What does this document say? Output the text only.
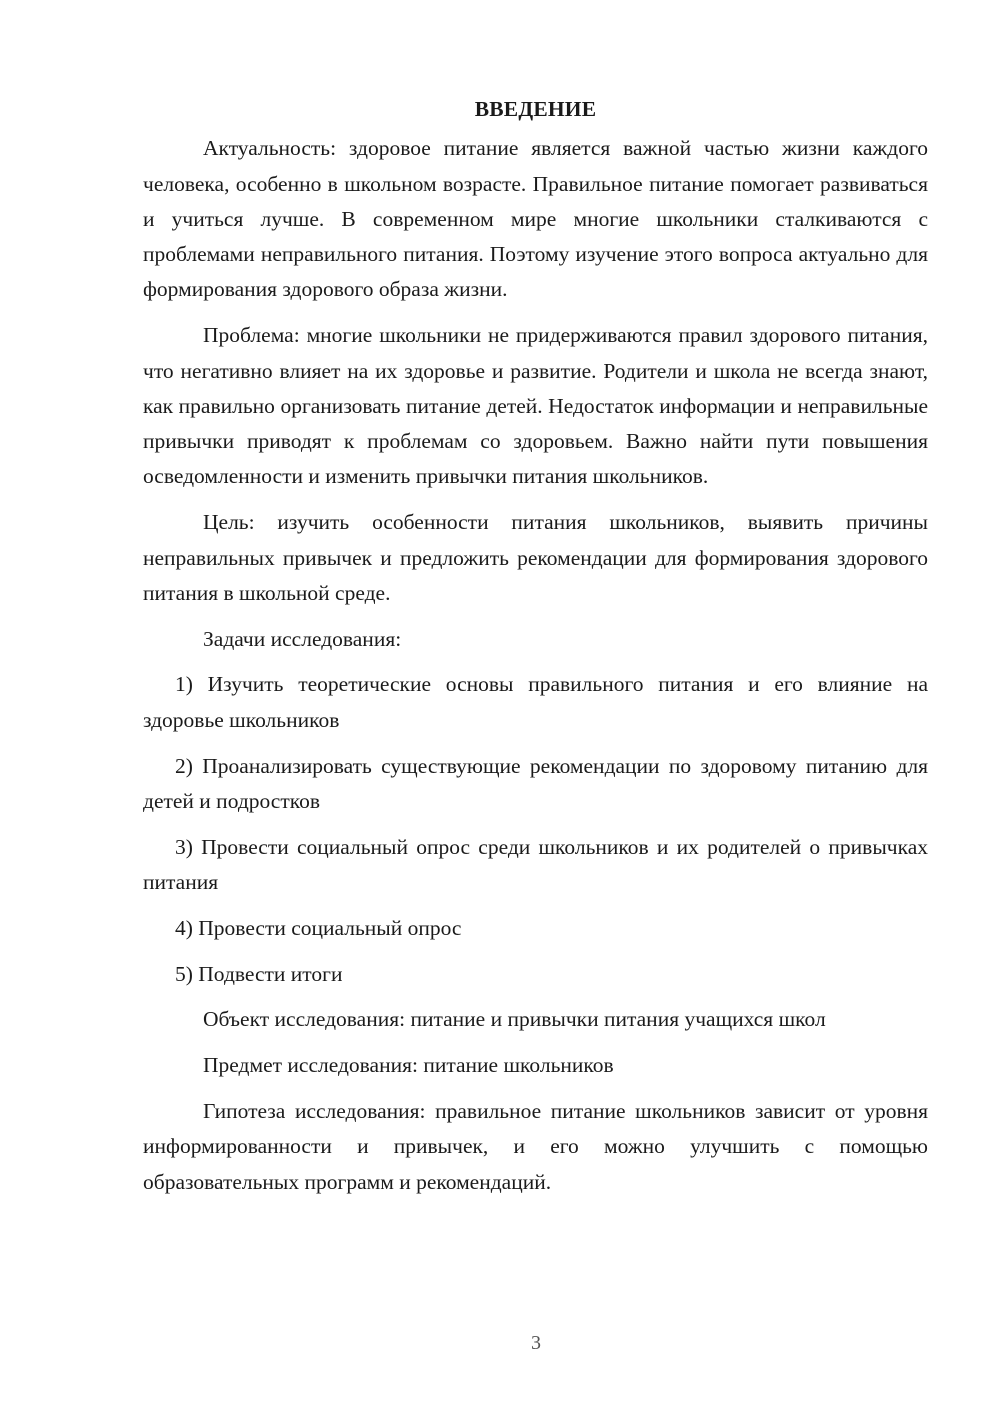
ВВЕДЕНИЕ

Актуальность: здоровое питание является важной частью жизни каждого человека, особенно в школьном возрасте. Правильное питание помогает развиваться и учиться лучше. В современном мире многие школьники сталкиваются с проблемами неправильного питания. Поэтому изучение этого вопроса актуально для формирования здорового образа жизни.

Проблема: многие школьники не придерживаются правил здорового питания, что негативно влияет на их здоровье и развитие. Родители и школа не всегда знают, как правильно организовать питание детей. Недостаток информации и неправильные привычки приводят к проблемам со здоровьем. Важно найти пути повышения осведомленности и изменить привычки питания школьников.

Цель: изучить особенности питания школьников, выявить причины неправильных привычек и предложить рекомендации для формирования здорового питания в школьной среде.

Задачи исследования:

1) Изучить теоретические основы правильного питания и его влияние на здоровье школьников

2) Проанализировать существующие рекомендации по здоровому питанию для детей и подростков

3) Провести социальный опрос среди школьников и их родителей о привычках питания

4) Провести социальный опрос

5) Подвести итоги

Объект исследования: питание и привычки питания учащихся школ

Предмет исследования: питание школьников

Гипотеза исследования: правильное питание школьников зависит от уровня информированности и привычек, и его можно улучшить с помощью образовательных программ и рекомендаций.

3
